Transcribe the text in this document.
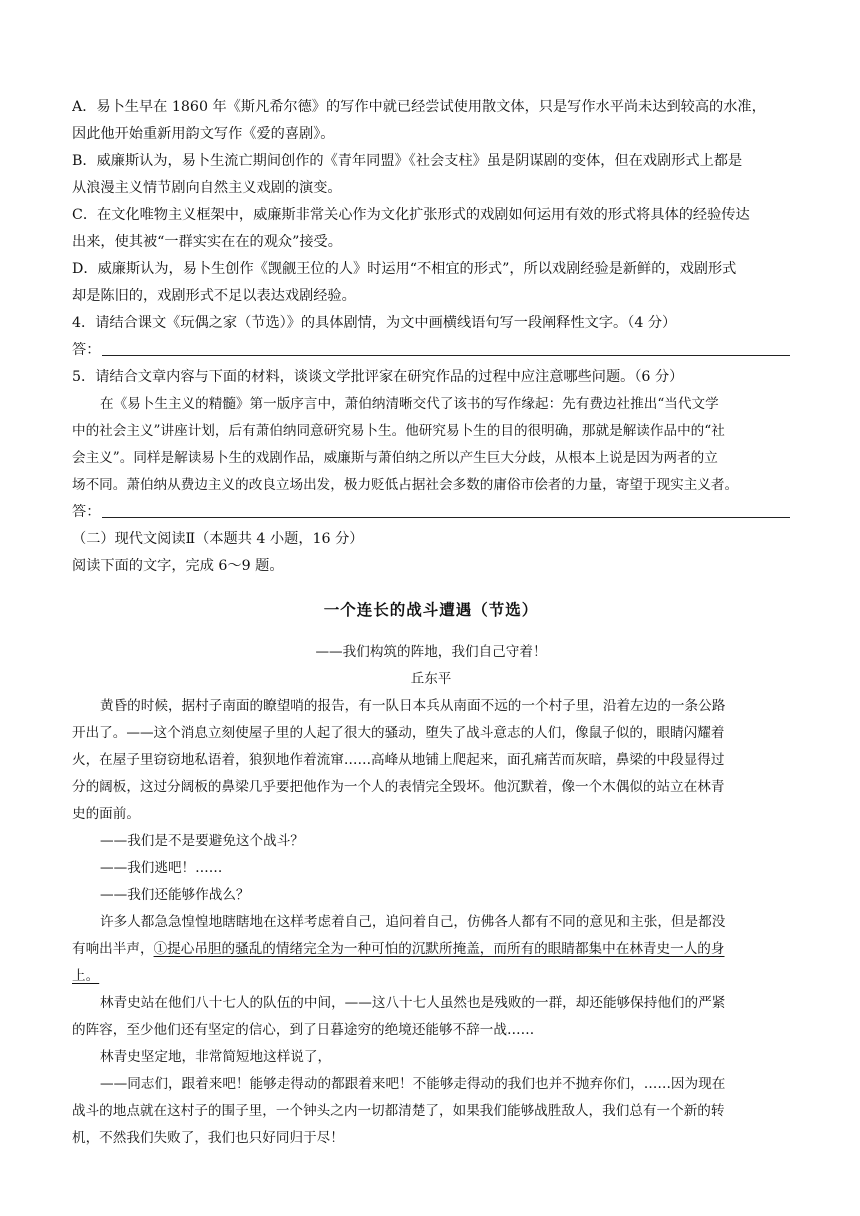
A．易卜生早在 1860 年《斯凡希尔德》的写作中就已经尝试使用散文体，只是写作水平尚未达到较高的水准，

因此他开始重新用韵文写作《爱的喜剧》。

B．威廉斯认为，易卜生流亡期间创作的《青年同盟》《社会支柱》虽是阴谋剧的变体，但在戏剧形式上都是

从浪漫主义情节剧向自然主义戏剧的演变。

C．在文化唯物主义框架中，威廉斯非常关心作为文化扩张形式的戏剧如何运用有效的形式将具体的经验传达

出来，使其被“一群实实在在的观众”接受。

D．威廉斯认为，易卜生创作《觊觎王位的人》时运用“不相宜的形式”，所以戏剧经验是新鲜的，戏剧形式

却是陈旧的，戏剧形式不足以表达戏剧经验。

4．请结合课文《玩偶之家（节选）》的具体剧情，为文中画横线语句写一段阐释性文字。（4 分）

答：

5．请结合文章内容与下面的材料，谈谈文学批评家在研究作品的过程中应注意哪些问题。（6 分）

在《易卜生主义的精髓》第一版序言中，萧伯纳清晰交代了该书的写作缘起：先有费边社推出“当代文学

中的社会主义”讲座计划，后有萧伯纳同意研究易卜生。他研究易卜生的目的很明确，那就是解读作品中的“社

会主义”。同样是解读易卜生的戏剧作品，威廉斯与萧伯纳之所以产生巨大分歧，从根本上说是因为两者的立

场不同。萧伯纳从费边主义的改良立场出发，极力贬低占据社会多数的庸俗市侩者的力量，寄望于现实主义者。

答：

（二）现代文阅读Ⅱ（本题共 4 小题，16 分）

阅读下面的文字，完成 6～9 题。

一个连长的战斗遭遇（节选）

——我们构筑的阵地，我们自己守着！

丘东平

黄昏的时候，据村子南面的瞭望哨的报告，有一队日本兵从南面不远的一个村子里，沿着左边的一条公路

开出了。——这个消息立刻使屋子里的人起了很大的骚动，堕失了战斗意志的人们，像鼠子似的，眼睛闪耀着

火，在屋子里窃窃地私语着，狼狈地作着流窜……高峰从地铺上爬起来，面孔痛苦而灰暗，鼻梁的中段显得过

分的阔板，这过分阔板的鼻梁几乎要把他作为一个人的表情完全毁坏。他沉默着，像一个木偶似的站立在林青

史的面前。

——我们是不是要避免这个战斗？

——我们逃吧！……

——我们还能够作战么？

许多人都急急惶惶地瞎瞎地在这样考虑着自己，追问着自己，仿佛各人都有不同的意见和主张，但是都没

有响出半声，①提心吊胆的骚乱的情绪完全为一种可怕的沉默所掩盖，而所有的眼睛都集中在林青史一人的身

上。

林青史站在他们八十七人的队伍的中间，——这八十七人虽然也是残败的一群，却还能够保持他们的严紧

的阵容，至少他们还有坚定的信心，到了日暮途穷的绝境还能够不辞一战……

林青史坚定地，非常简短地这样说了，

——同志们，跟着来吧！能够走得动的都跟着来吧！不能够走得动的我们也并不抛弃你们，……因为现在

战斗的地点就在这村子的围子里，一个钟头之内一切都清楚了，如果我们能够战胜敌人，我们总有一个新的转

机，不然我们失败了，我们也只好同归于尽！
